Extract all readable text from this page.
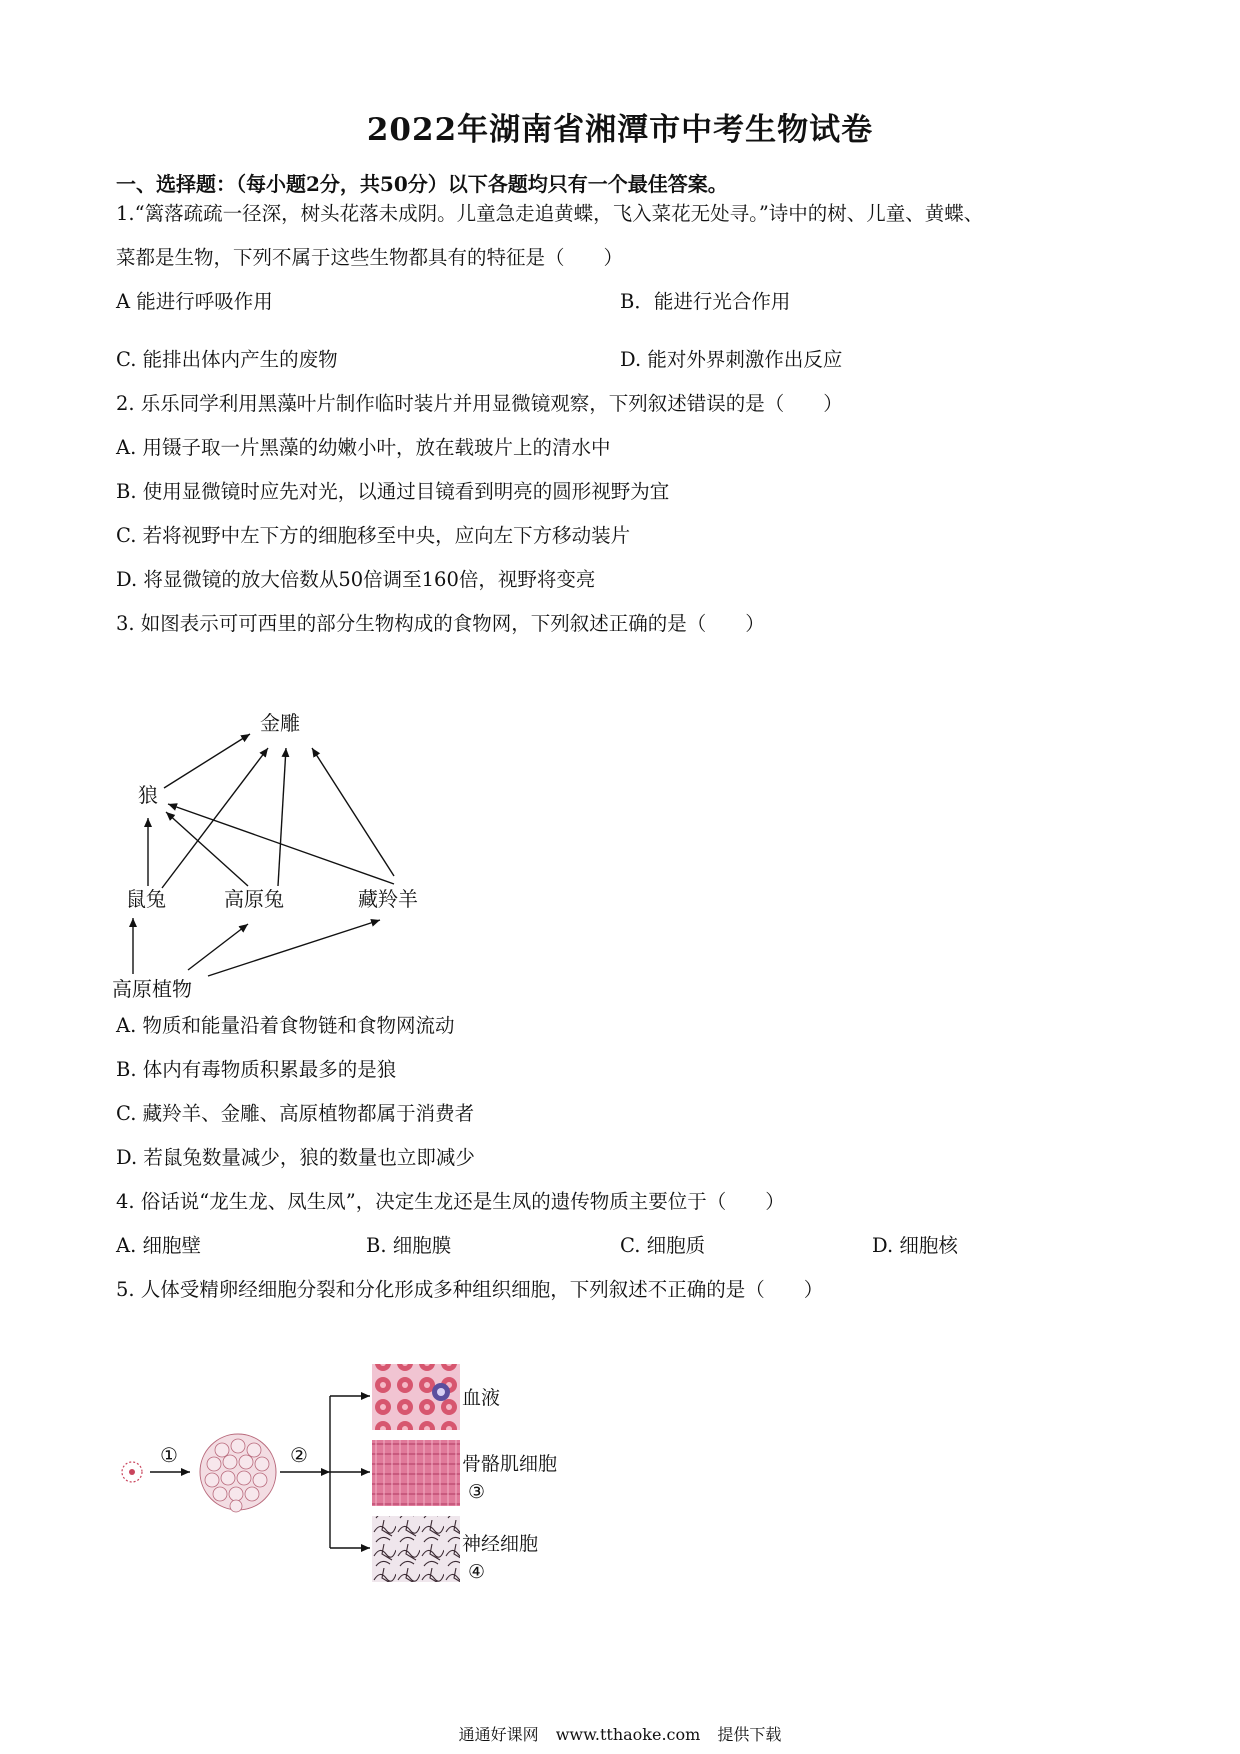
2022年湖南省湘潭市中考生物试卷
一、选择题：（每小题2分，共50分）以下各题均只有一个最佳答案。
1.“篱落疏疏一径深，树头花落未成阴。儿童急走追黄蝶，飞入菜花无处寻。”诗中的树、儿童、黄蝶、
菜都是生物，下列不属于这些生物都具有的特征是（　　）
A 能进行呼吸作用	B．能进行光合作用
C. 能排出体内产生的废物	D. 能对外界刺激作出反应
2. 乐乐同学利用黑藻叶片制作临时装片并用显微镜观察，下列叙述错误的是（　　）
A. 用镊子取一片黑藻的幼嫩小叶，放在载玻片上的清水中
B. 使用显微镜时应先对光，以通过目镜看到明亮的圆形视野为宜
C. 若将视野中左下方的细胞移至中央，应向左下方移动装片
D. 将显微镜的放大倍数从50倍调至160倍，视野将变亮
3. 如图表示可可西里的部分生物构成的食物网，下列叙述正确的是（　　）
金雕
狼
鼠兔	高原兔	藏羚羊
高原植物
A. 物质和能量沿着食物链和食物网流动
B. 体内有毒物质积累最多的是狼
C. 藏羚羊、金雕、高原植物都属于消费者
D. 若鼠兔数量减少，狼的数量也立即减少
4. 俗话说“龙生龙、凤生凤”，决定生龙还是生凤的遗传物质主要位于（　　）
A. 细胞壁	B. 细胞膜	C. 细胞质	D. 细胞核
5. 人体受精卵经细胞分裂和分化形成多种组织细胞，下列叙述不正确的是（　　）
①	②
血液
骨骼肌细胞
③
神经细胞
④
通通好课网 www.tthaoke.com 提供下载
